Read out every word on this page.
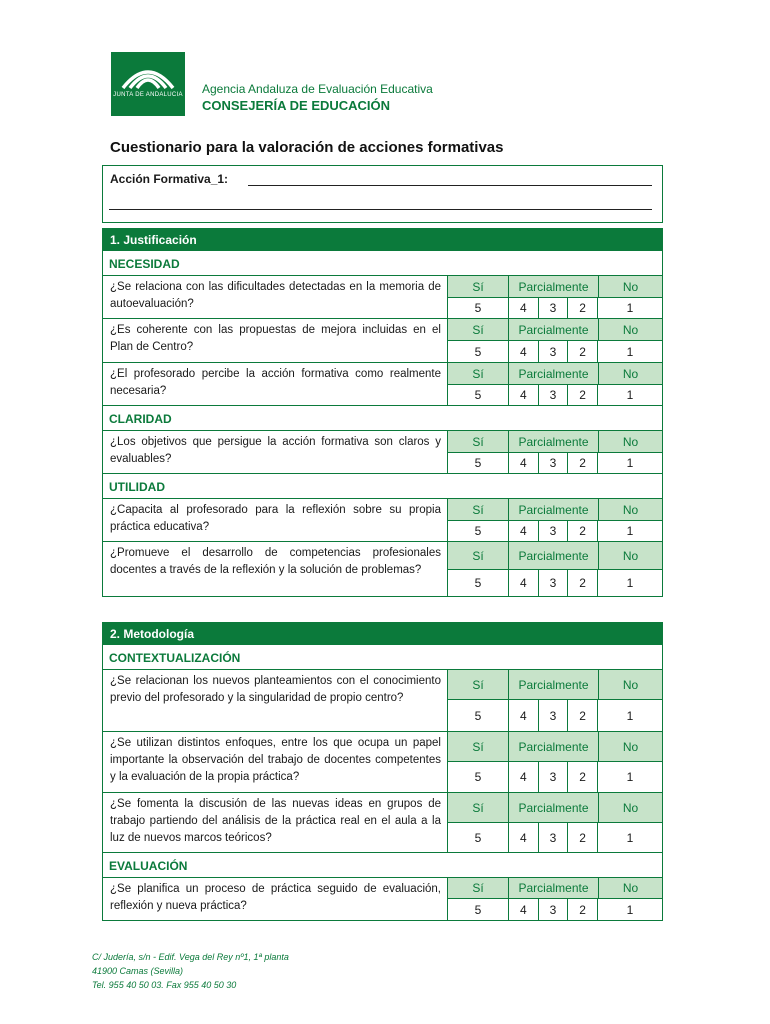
JUNTA DE ANDALUCIA Agencia Andaluza de Evaluación Educativa
CONSEJERÍA DE EDUCACIÓN
Cuestionario para la valoración de acciones formativas
Acción Formativa_1:
1. Justificación
NECESIDAD
¿Se relaciona con las dificultades detectadas en la memoria de autoevaluación?
Sí	Parcialmente	No
5	4	3	2	1
¿Es coherente con las propuestas de mejora incluidas en el Plan de Centro?
Sí	Parcialmente	No
5	4	3	2	1
¿El profesorado percibe la acción formativa como realmente necesaria?
Sí	Parcialmente	No
5	4	3	2	1
CLARIDAD
¿Los objetivos que persigue la acción formativa son claros y evaluables?
Sí	Parcialmente	No
5	4	3	2	1
UTILIDAD
¿Capacita al profesorado para la reflexión sobre su propia práctica educativa?
Sí	Parcialmente	No
5	4	3	2	1
¿Promueve el desarrollo de competencias profesionales docentes a través de la reflexión y la solución de problemas?
Sí	Parcialmente	No
5	4	3	2	1
2. Metodología
CONTEXTUALIZACIÓN
¿Se relacionan los nuevos planteamientos con el conocimiento previo del profesorado y la singularidad de propio centro?
Sí	Parcialmente	No
5	4	3	2	1
¿Se utilizan distintos enfoques, entre los que ocupa un papel importante la observación del trabajo de docentes competentes y la evaluación de la propia práctica?
Sí	Parcialmente	No
5	4	3	2	1
¿Se fomenta la discusión de las nuevas ideas en grupos de trabajo partiendo del análisis de la práctica real en el aula a la luz de nuevos marcos teóricos?
Sí	Parcialmente	No
5	4	3	2	1
EVALUACIÓN
¿Se planifica un proceso de práctica seguido de evaluación, reflexión y nueva práctica?
Sí	Parcialmente	No
5	4	3	2	1
C/ Judería, s/n - Edif. Vega del Rey nº1, 1ª planta
41900 Camas (Sevilla)
Tel. 955 40 50 03. Fax 955 40 50 30
